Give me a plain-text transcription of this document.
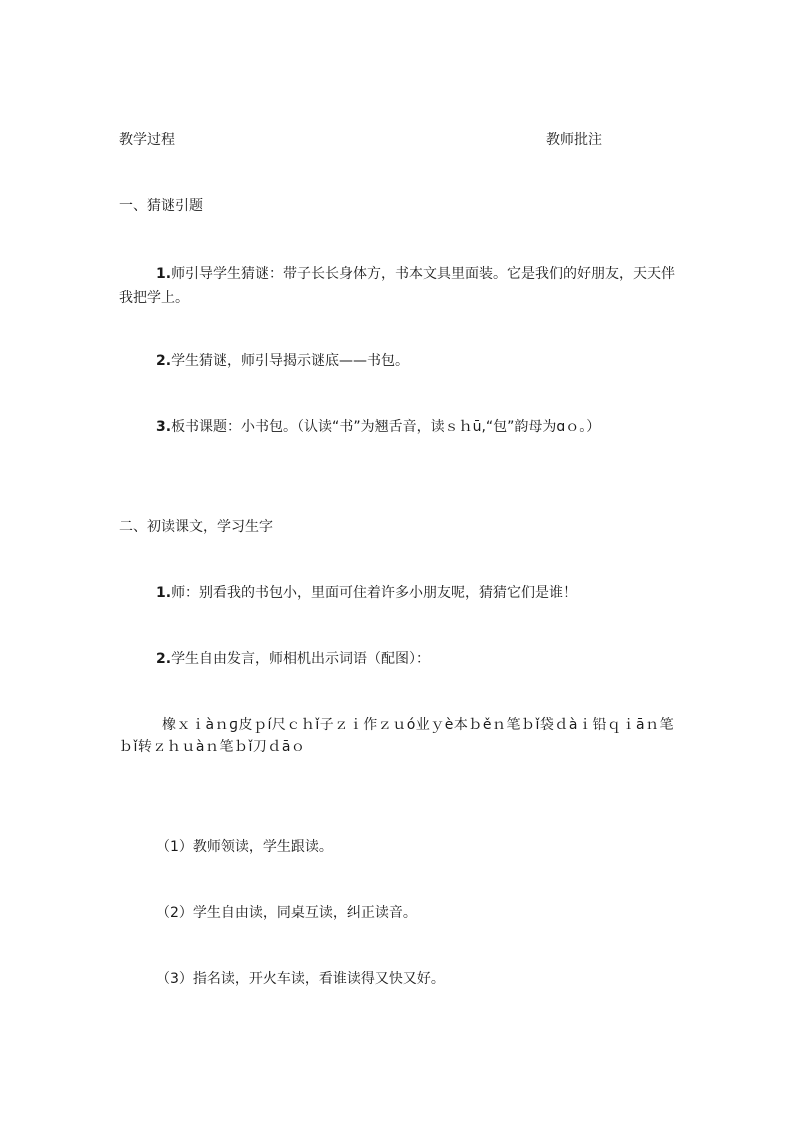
教学过程	教师批注
一、猜谜引题
1.师引导学生猜谜：带子长长身体方，书本文具里面装。它是我们的好朋友，天天伴我把学上。
2.学生猜谜，师引导揭示谜底——书包。
3.板书课题：小书包。（认读“书”为翘舌音，读ｓｈū,“包”韵母为ɑｏ。）
二、初读课文，学习生字
1.师：别看我的书包小，里面可住着许多小朋友呢，猜猜它们是谁！
2.学生自由发言，师相机出示词语（配图）：
橡ｘｉàｎɡ皮ｐí尺ｃｈǐ子ｚｉ作ｚｕó业ｙè本ｂěｎ笔ｂǐ袋ｄàｉ铅ｑｉāｎ笔ｂǐ转ｚｈｕàｎ笔ｂǐ刀ｄāｏ
（1）教师领读，学生跟读。
（2）学生自由读，同桌互读，纠正读音。
（3）指名读，开火车读，看谁读得又快又好。
